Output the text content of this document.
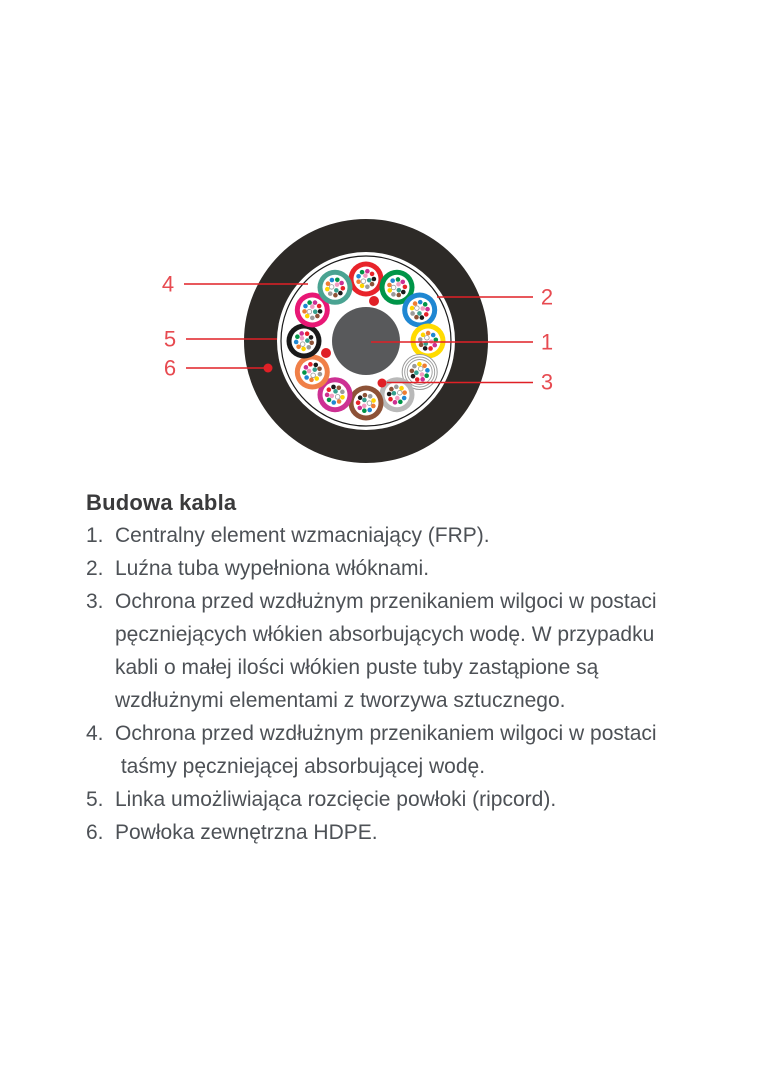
1
2
3
4
5
6
Budowa kabla
1. Centralny element wzmacniający (FRP).
2. Luźna tuba wypełniona włóknami.
3. Ochrona przed wzdłużnym przenikaniem wilgoci w postaci
pęczniejących włókien absorbujących wodę. W przypadku
kabli o małej ilości włókien puste tuby zastąpione są
wzdłużnymi elementami z tworzywa sztucznego.
4. Ochrona przed wzdłużnym przenikaniem wilgoci w postaci
taśmy pęczniejącej absorbującej wodę.
5. Linka umożliwiająca rozcięcie powłoki (ripcord).
6. Powłoka zewnętrzna HDPE.
